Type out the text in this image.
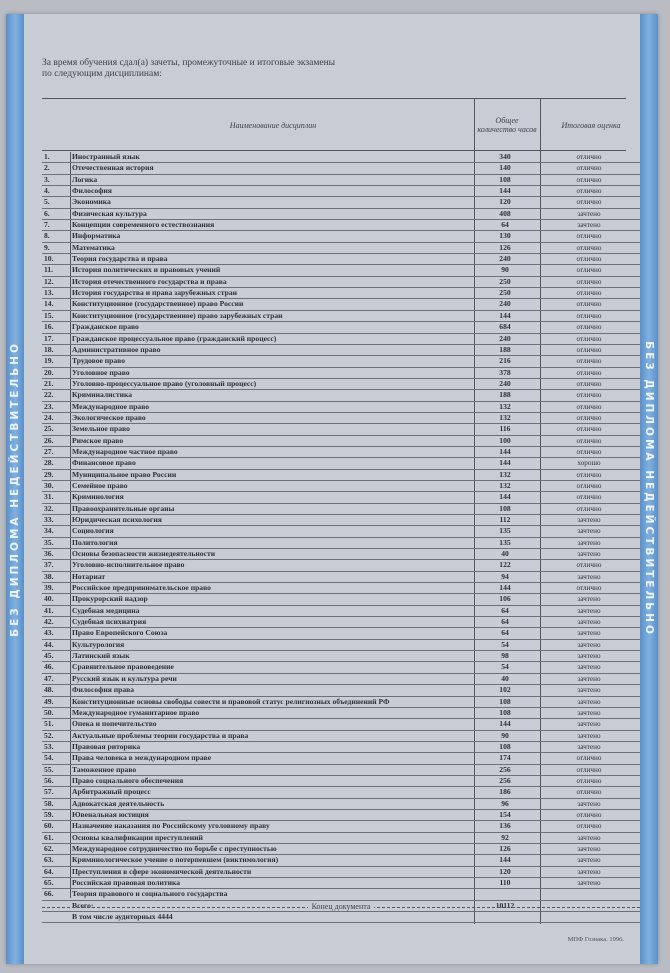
БЕЗ ДИПЛОМА НЕДЕЙСТВИТЕЛЬНО	БЕЗ ДИПЛОМА НЕДЕЙСТВИТЕЛЬНО
За время обучения сдал(а) зачеты, промежуточные и итоговые экзамены
по следующим дисциплинам:
Наименование дисциплин	Общее количество часов	Итоговая оценка
1.	Иностранный язык	340	отлично
2.	Отечественная история	140	отлично
3.	Логика	108	отлично
4.	Философия	144	отлично
5.	Экономика	120	отлично
6.	Физическая культура	408	зачтено
7.	Концепции современного естествознания	64	зачтено
8.	Информатика	130	отлично
9.	Математика	126	отлично
10.	Теория государства и права	240	отлично
11.	История политических и правовых учений	90	отлично
12.	История отечественного государства и права	250	отлично
13.	История государства и права зарубежных стран	250	отлично
14.	Конституционное (государственное) право России	240	отлично
15.	Конституционное (государственное) право зарубежных стран	144	отлично
16.	Гражданское право	684	отлично
17.	Гражданское процессуальное право (гражданский процесс)	240	отлично
18.	Административное право	188	отлично
19.	Трудовое право	216	отлично
20.	Уголовное право	378	отлично
21.	Уголовно-процессуальное право (уголовный процесс)	240	отлично
22.	Криминалистика	188	отлично
23.	Международное право	132	отлично
24.	Экологическое право	132	отлично
25.	Земельное право	116	отлично
26.	Римское право	100	отлично
27.	Международное частное право	144	отлично
28.	Финансовое право	144	хорошо
29.	Муниципальное право России	132	отлично
30.	Семейное право	132	отлично
31.	Криминология	144	отлично
32.	Правоохранительные органы	108	отлично
33.	Юридическая психология	112	зачтено
34.	Социология	135	зачтено
35.	Политология	135	зачтено
36.	Основы безопасности жизнедеятельности	40	зачтено
37.	Уголовно-исполнительное право	122	отлично
38.	Нотариат	94	зачтено
39.	Российское предпринимательское право	144	отлично
40.	Прокурорский надзор	106	зачтено
41.	Судебная медицина	64	зачтено
42.	Судебная психиатрия	64	зачтено
43.	Право Европейского Союза	64	зачтено
44.	Культурология	54	зачтено
45.	Латинский язык	98	зачтено
46.	Сравнительное правоведение	54	зачтено
47.	Русский язык и культура речи	40	зачтено
48.	Философия права	102	зачтено
49.	Конституционные основы свободы совести и правовой статус религиозных объединений РФ	108	зачтено
50.	Международное гуманитарное право	108	зачтено
51.	Опека и попечительство	144	зачтено
52.	Актуальные проблемы теории государства и права	90	зачтено
53.	Правовая риторика	108	зачтено
54.	Права человека в международном праве	174	отлично
55.	Таможенное право	256	отлично
56.	Право социального обеспечения	256	отлично
57.	Арбитражный процесс	186	отлично
58.	Адвокатская деятельность	96	зачтено
59.	Ювенальная юстиция	154	отлично
60.	Назначение наказания по Российскому уголовному праву	136	отлично
61.	Основы квалификации преступлений	92	зачтено
62.	Международное сотрудничество по борьбе с преступностью	126	зачтено
63.	Криминологическое учение о потерпевшем (виктимология)	144	зачтено
64.	Преступления в сфере экономической деятельности	120	зачтено
65.	Российская правовая политика	110	зачтено
66.	Теория правового и социального государства
Всего:	10112
В том числе аудиторных 4444
Конец документа
МПФ Гознака. 1996.
